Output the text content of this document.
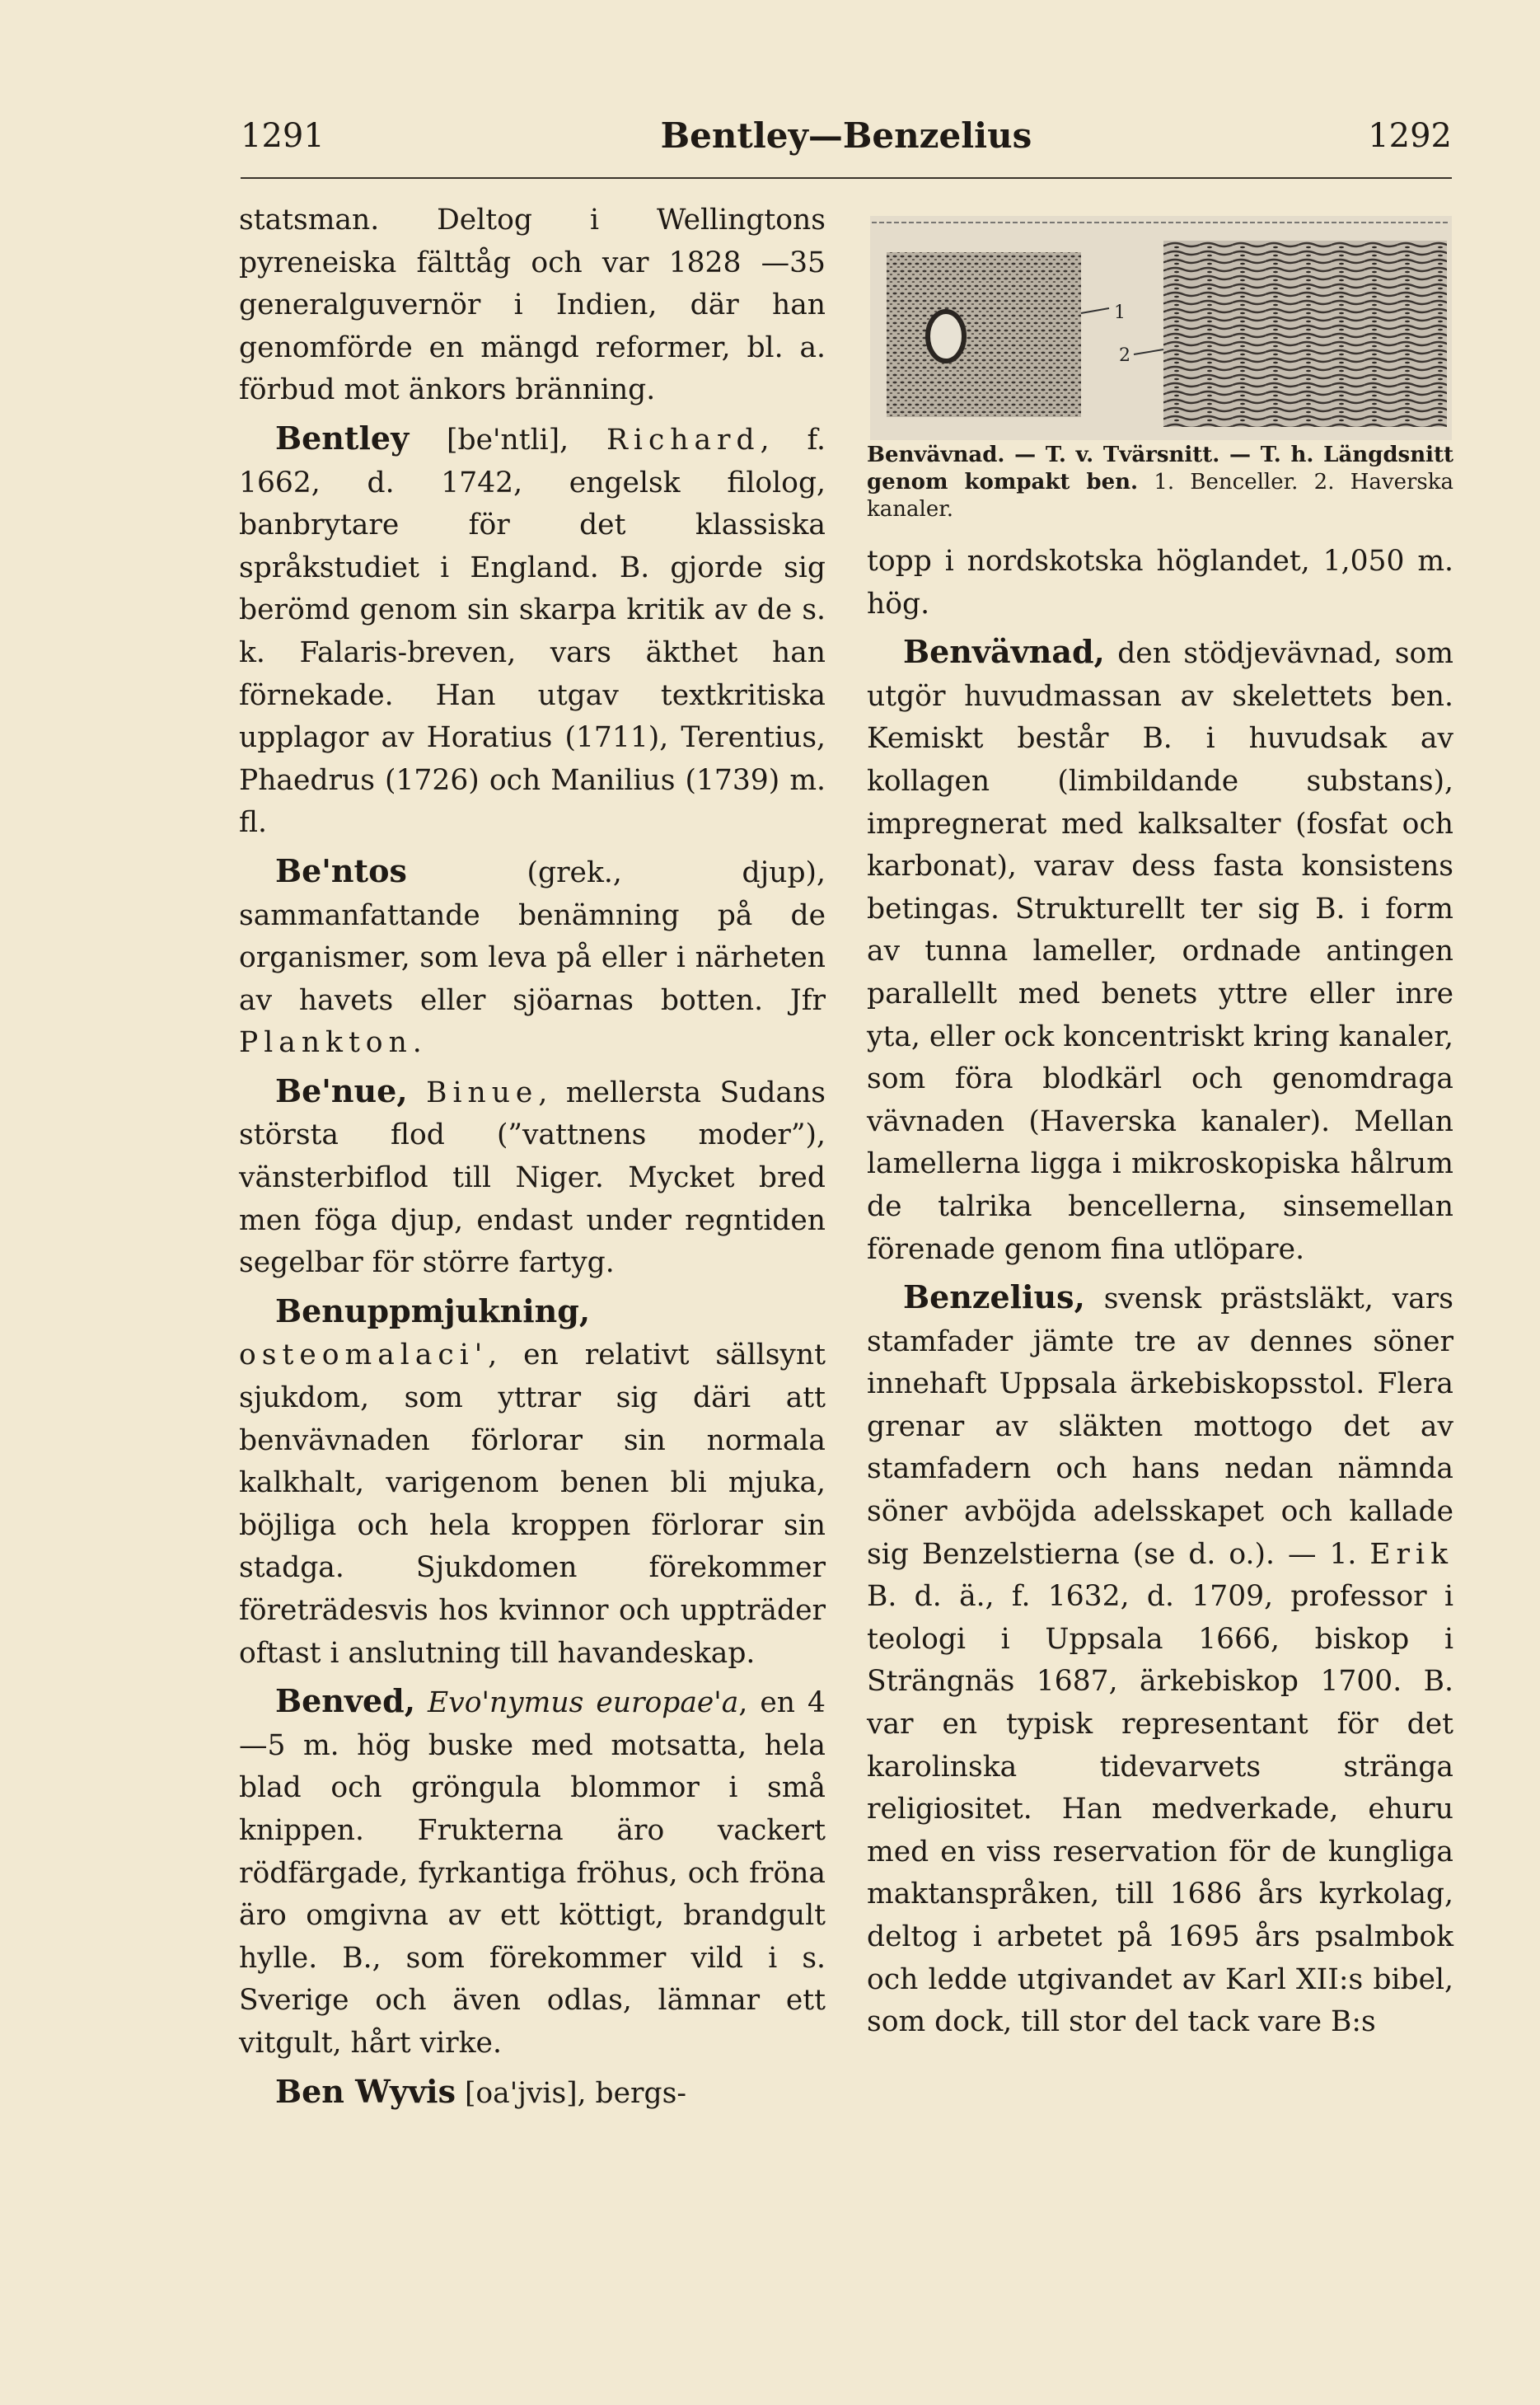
1291	Bentley—Benzelius	1292

statsman. Deltog i Wellingtons pyreneiska fälttåg och var 1828 —35 generalguvernör i Indien, där han genomförde en mängd reformer, bl. a. förbud mot änkors bränning.

Bentley [be'ntli], Richard, f. 1662, d. 1742, engelsk filolog, banbrytare för det klassiska språkstudiet i England. B. gjorde sig berömd genom sin skarpa kritik av de s. k. Falaris-breven, vars äkthet han förnekade. Han utgav textkritiska upplagor av Horatius (1711), Terentius, Phaedrus (1726) och Manilius (1739) m. fl.

Be'ntos (grek., djup), sammanfattande benämning på de organismer, som leva på eller i närheten av havets eller sjöarnas botten. Jfr Plankton.

Be'nue, Binue, mellersta Sudans största flod (”vattnens moder”), vänsterbiflod till Niger. Mycket bred men föga djup, endast under regntiden segelbar för större fartyg.

Benuppmjukning, osteomalaci', en relativt sällsynt sjukdom, som yttrar sig däri att benvävnaden förlorar sin normala kalkhalt, varigenom benen bli mjuka, böjliga och hela kroppen förlorar sin stadga. Sjukdomen förekommer företrädesvis hos kvinnor och uppträder oftast i anslutning till havandeskap.

Benved, Evo'nymus europae'a, en 4—5 m. hög buske med motsatta, hela blad och gröngula blommor i små knippen. Frukterna äro vackert rödfärgade, fyrkantiga fröhus, och fröna äro omgivna av ett köttigt, brandgult hylle. B., som förekommer vild i s. Sverige och även odlas, lämnar ett vitgult, hårt virke.

Ben Wyvis [oa'jvis], bergs-

1
2
Benvävnad. — T. v. Tvärsnitt. — T. h. Längdsnitt genom kompakt ben. 1. Benceller. 2. Haverska kanaler.

topp i nordskotska höglandet, 1,050 m. hög.

Benvävnad, den stödjevävnad, som utgör huvudmassan av skelettets ben. Kemiskt består B. i huvudsak av kollagen (limbildande substans), impregnerat med kalksalter (fosfat och karbonat), varav dess fasta konsistens betingas. Strukturellt ter sig B. i form av tunna lameller, ordnade antingen parallellt med benets yttre eller inre yta, eller ock koncentriskt kring kanaler, som föra blodkärl och genomdraga vävnaden (Haverska kanaler). Mellan lamellerna ligga i mikroskopiska hålrum de talrika bencellerna, sinsemellan förenade genom fina utlöpare.

Benzelius, svensk prästsläkt, vars stamfader jämte tre av dennes söner innehaft Uppsala ärkebiskopsstol. Flera grenar av släkten mottogo det av stamfadern och hans nedan nämnda söner avböjda adelsskapet och kallade sig Benzelstierna (se d. o.). — 1. Erik B. d. ä., f. 1632, d. 1709, professor i teologi i Uppsala 1666, biskop i Strängnäs 1687, ärkebiskop 1700. B. var en typisk representant för det karolinska tidevarvets stränga religiositet. Han medverkade, ehuru med en viss reservation för de kungliga maktanspråken, till 1686 års kyrkolag, deltog i arbetet på 1695 års psalmbok och ledde utgivandet av Karl XII:s bibel, som dock, till stor del tack vare B:s
